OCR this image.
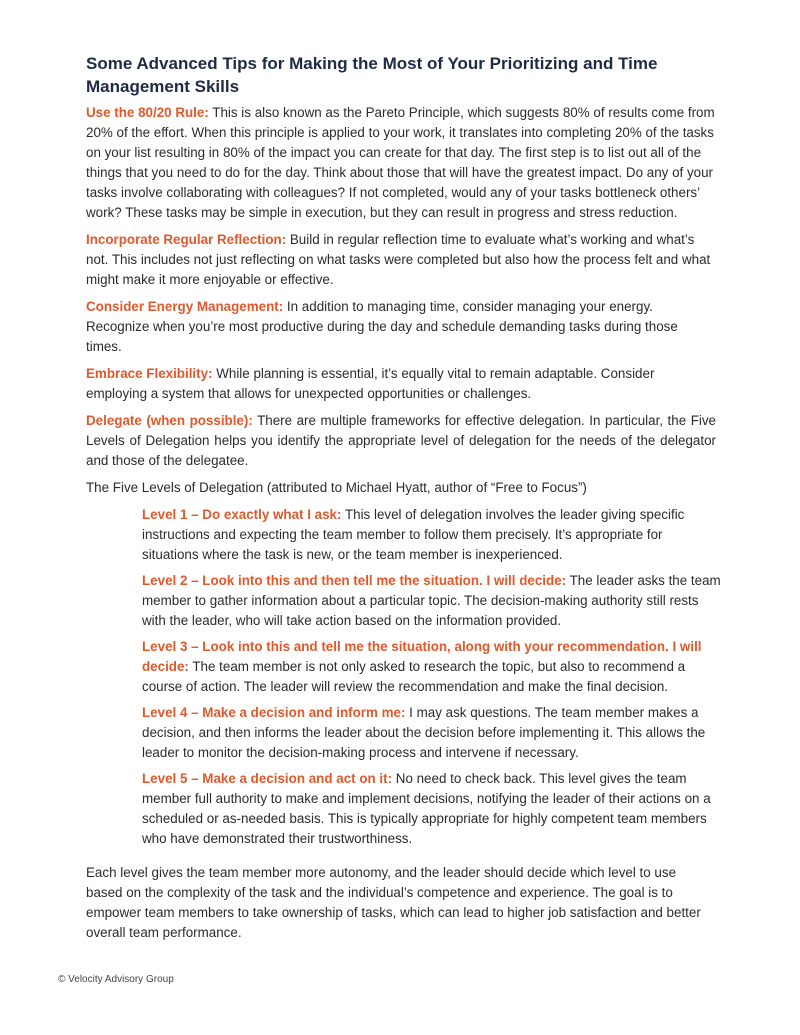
Some Advanced Tips for Making the Most of Your Prioritizing and Time Management Skills

Use the 80/20 Rule: This is also known as the Pareto Principle, which suggests 80% of results come from 20% of the effort. When this principle is applied to your work, it translates into completing 20% of the tasks on your list resulting in 80% of the impact you can create for that day. The first step is to list out all of the things that you need to do for the day. Think about those that will have the greatest impact. Do any of your tasks involve collaborating with colleagues? If not completed, would any of your tasks bottleneck others’ work? These tasks may be simple in execution, but they can result in progress and stress reduction.

Incorporate Regular Reflection: Build in regular reflection time to evaluate what’s working and what’s not. This includes not just reflecting on what tasks were completed but also how the process felt and what might make it more enjoyable or effective.

Consider Energy Management: In addition to managing time, consider managing your energy. Recognize when you’re most productive during the day and schedule demanding tasks during those times.

Embrace Flexibility: While planning is essential, it’s equally vital to remain adaptable. Consider employing a system that allows for unexpected opportunities or challenges.

Delegate (when possible): There are multiple frameworks for effective delegation. In particular, the Five Levels of Delegation helps you identify the appropriate level of delegation for the needs of the delegator and those of the delegatee.

The Five Levels of Delegation (attributed to Michael Hyatt, author of “Free to Focus”)

Level 1 – Do exactly what I ask: This level of delegation involves the leader giving specific instructions and expecting the team member to follow them precisely. It’s appropriate for situations where the task is new, or the team member is inexperienced.

Level 2 – Look into this and then tell me the situation. I will decide: The leader asks the team member to gather information about a particular topic. The decision-making authority still rests with the leader, who will take action based on the information provided.

Level 3 – Look into this and tell me the situation, along with your recommendation. I will decide: The team member is not only asked to research the topic, but also to recommend a course of action. The leader will review the recommendation and make the final decision.

Level 4 – Make a decision and inform me: I may ask questions. The team member makes a decision, and then informs the leader about the decision before implementing it. This allows the leader to monitor the decision-making process and intervene if necessary.

Level 5 – Make a decision and act on it: No need to check back. This level gives the team member full authority to make and implement decisions, notifying the leader of their actions on a scheduled or as-needed basis. This is typically appropriate for highly competent team members who have demonstrated their trustworthiness.

Each level gives the team member more autonomy, and the leader should decide which level to use based on the complexity of the task and the individual’s competence and experience. The goal is to empower team members to take ownership of tasks, which can lead to higher job satisfaction and better overall team performance.

© Velocity Advisory Group
